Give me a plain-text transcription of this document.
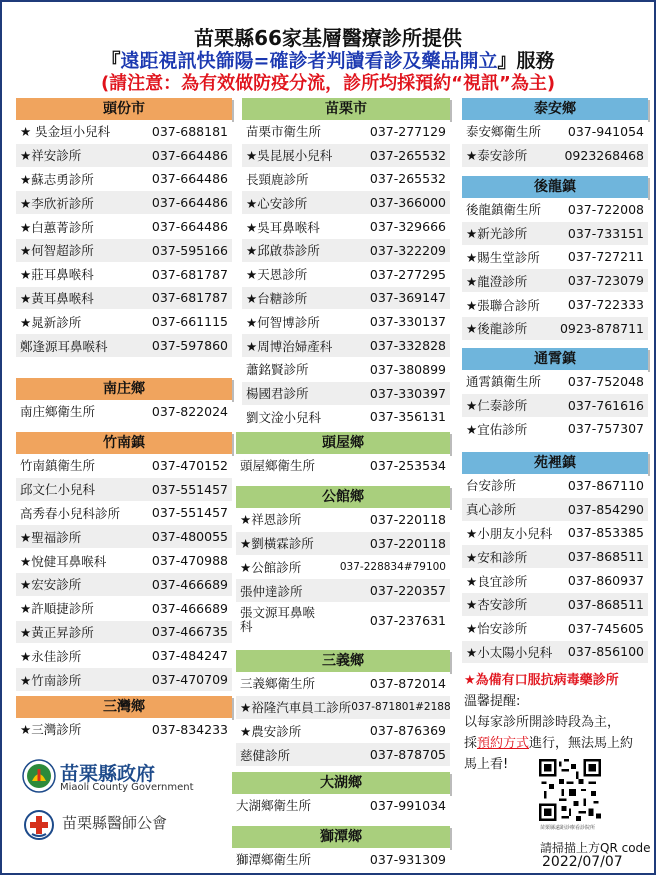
苗栗縣66家基層醫療診所提供
『遠距視訊快篩陽=確診者判讀看診及藥品開立』服務
(請注意：為有效做防疫分流，診所均採預約“視訊”為主)
頭份市
★ 吳金垣小兒科	037-688181
★祥安診所	037-664486
★蘇志勇診所	037-664486
★李欣祈診所	037-664486
★白蕙菁診所	037-664486
★何智超診所	037-595166
★莊耳鼻喉科	037-681787
★黃耳鼻喉科	037-681787
★晁新診所	037-661115
鄭逢源耳鼻喉科	037-597860
南庄鄉
南庄鄉衛生所	037-822024
竹南鎮
竹南鎮衛生所	037-470152
邱文仁小兒科	037-551457
高秀春小兒科診所	037-551457
★聖福診所	037-480055
★悅健耳鼻喉科	037-470988
★宏安診所	037-466689
★許順捷診所	037-466689
★黃正昇診所	037-466735
★永佳診所	037-484247
★竹南診所	037-470709
三灣鄉
★三灣診所	037-834233
苗栗市
苗栗市衛生所	037-277129
★吳昆展小兒科	037-265532
長頸鹿診所	037-265532
★心安診所	037-366000
★吳耳鼻喉科	037-329666
★邱啟恭診所	037-322209
★天恩診所	037-277295
★台糖診所	037-369147
★何智博診所	037-330137
★周博治婦產科	037-332828
蕭銘賢診所	037-380899
楊國君診所	037-330397
劉文淦小兒科	037-356131
頭屋鄉
頭屋鄉衛生所	037-253534
公館鄉
★祥恩診所	037-220118
★劉橫霖診所	037-220118
★公館診所	037-228834#79100
張仲達診所	037-220357
張文源耳鼻喉科	037-237631
三義鄉
三義鄉衛生所	037-872014
★裕隆汽車員工診所 037-871801#2188
★農安診所	037-876369
慈健診所	037-878705
大湖鄉
大湖鄉衛生所	037-991034
獅潭鄉
獅潭鄉衛生所	037-931309
泰安鄉
泰安鄉衛生所 037-941054
★泰安診所	0923268468
後龍鎮
後龍鎮衛生所 037-722008
★新光診所	037-733151
★賜生堂診所 037-727211
★龍澄診所	037-723079
★張聯合診所 037-722333
★後龍診所	0923-878711
通霄鎮
通霄鎮衛生所 037-752048
★仁泰診所	037-761616
★宜佑診所	037-757307
苑裡鎮
台安診所	037-867110
真心診所	037-854290
★小朋友小兒科 037-853385
★安和診所	037-868511
★良宜診所	037-860937
★杏安診所	037-868511
★怡安診所	037-745605
★小太陽小兒科 037-856100
★為備有口服抗病毒藥診所
溫馨提醒:
以每家診所開診時段為主，
採預約方式進行，無法馬上約
馬上看!
苗栗縣遠距診療看診院所
請掃描上方QR code
2022/07/07
苗栗縣政府
Miaoli County Government
苗栗縣醫師公會
